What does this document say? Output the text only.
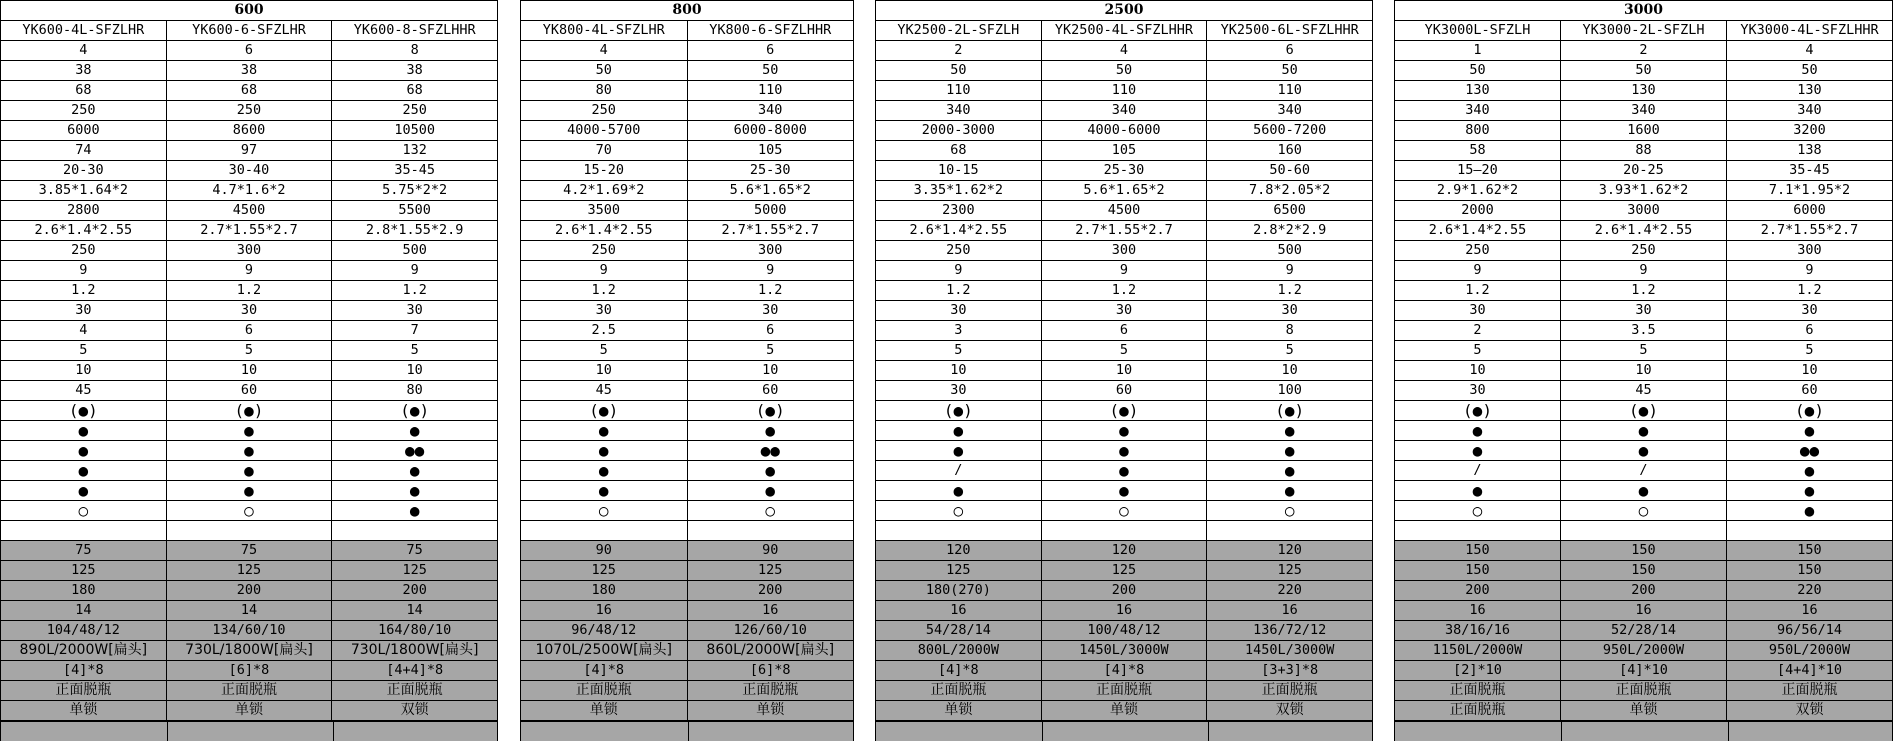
600		
YK600-4L-SFZLHR	YK600-6-SFZLHR	YK600-8-SFZLHHR
4	6	8
38	38	38
68	68	68
250	250	250
6000	8600	10500
74	97	132
20-30	30-40	35-45
3.85*1.64*2	4.7*1.6*2	5.75*2*2
2800	4500	5500
2.6*1.4*2.55	2.7*1.55*2.7	2.8*1.55*2.9
250	300	500
9	9	9
1.2	1.2	1.2
30	30	30
4	6	7
5	5	5
10	10	10
45	60	80
(●)	(●)	(●)
●	●	●
●	●	●●
●	●	●
●	●	●
○	○	●

75	75	75
125	125	125
180	200	200
14	14	14
104/48/12	134/60/10	164/80/10
890L/2000W[扁头]	730L/1800W[扁头]	730L/1800W[扁头]
[4]*8	[6]*8	[4+4]*8
正面脱瓶	正面脱瓶	正面脱瓶
单锁	单锁	双锁
800	
YK800-4L-SFZLHR	YK800-6-SFZLHHR
4	6
50	50
80	110
250	340
4000-5700	6000-8000
70	105
15-20	25-30
4.2*1.69*2	5.6*1.65*2
3500	5000
2.6*1.4*2.55	2.7*1.55*2.7
250	300
9	9
1.2	1.2
30	30
2.5	6
5	5
10	10
45	60
(●)	(●)
●	●
●	●●
●	●
●	●
○	○

90	90
125	125
180	200
16	16
96/48/12	126/60/10
1070L/2500W[扁头]	860L/2000W[扁头]
[4]*8	[6]*8
正面脱瓶	正面脱瓶
单锁	单锁
2500		
YK2500-2L-SFZLH	YK2500-4L-SFZLHHR	YK2500-6L-SFZLHHR
2	4	6
50	50	50
110	110	110
340	340	340
2000-3000	4000-6000	5600-7200
68	105	160
10-15	25-30	50-60
3.35*1.62*2	5.6*1.65*2	7.8*2.05*2
2300	4500	6500
2.6*1.4*2.55	2.7*1.55*2.7	2.8*2*2.9
250	300	500
9	9	9
1.2	1.2	1.2
30	30	30
3	6	8
5	5	5
10	10	10
30	60	100
(●)	(●)	(●)
●	●	●
●	●	●
/	●	●
●	●	●
○	○	○

120	120	120
125	125	125
180(270)	200	220
16	16	16
54/28/14	100/48/12	136/72/12
800L/2000W	1450L/3000W	1450L/3000W
[4]*8	[4]*8	[3+3]*8
正面脱瓶	正面脱瓶	正面脱瓶
单锁	单锁	双锁
3000		
YK3000L-SFZLH	YK3000-2L-SFZLH	YK3000-4L-SFZLHHR
1	2	4
50	50	50
130	130	130
340	340	340
800	1600	3200
58	88	138
15—20	20-25	35-45
2.9*1.62*2	3.93*1.62*2	7.1*1.95*2
2000	3000	6000
2.6*1.4*2.55	2.6*1.4*2.55	2.7*1.55*2.7
250	250	300
9	9	9
1.2	1.2	1.2
30	30	30
2	3.5	6
5	5	5
10	10	10
30	45	60
(●)	(●)	(●)
●	●	●
●	●	●●
/	/	●
●	●	●
○	○	●

150	150	150
150	150	150
200	200	220
16	16	16
38/16/16	52/28/14	96/56/14
1150L/2000W	950L/2000W	950L/2000W
[2]*10	[4]*10	[4+4]*10
正面脱瓶	正面脱瓶	正面脱瓶
正面脱瓶	单锁	双锁
